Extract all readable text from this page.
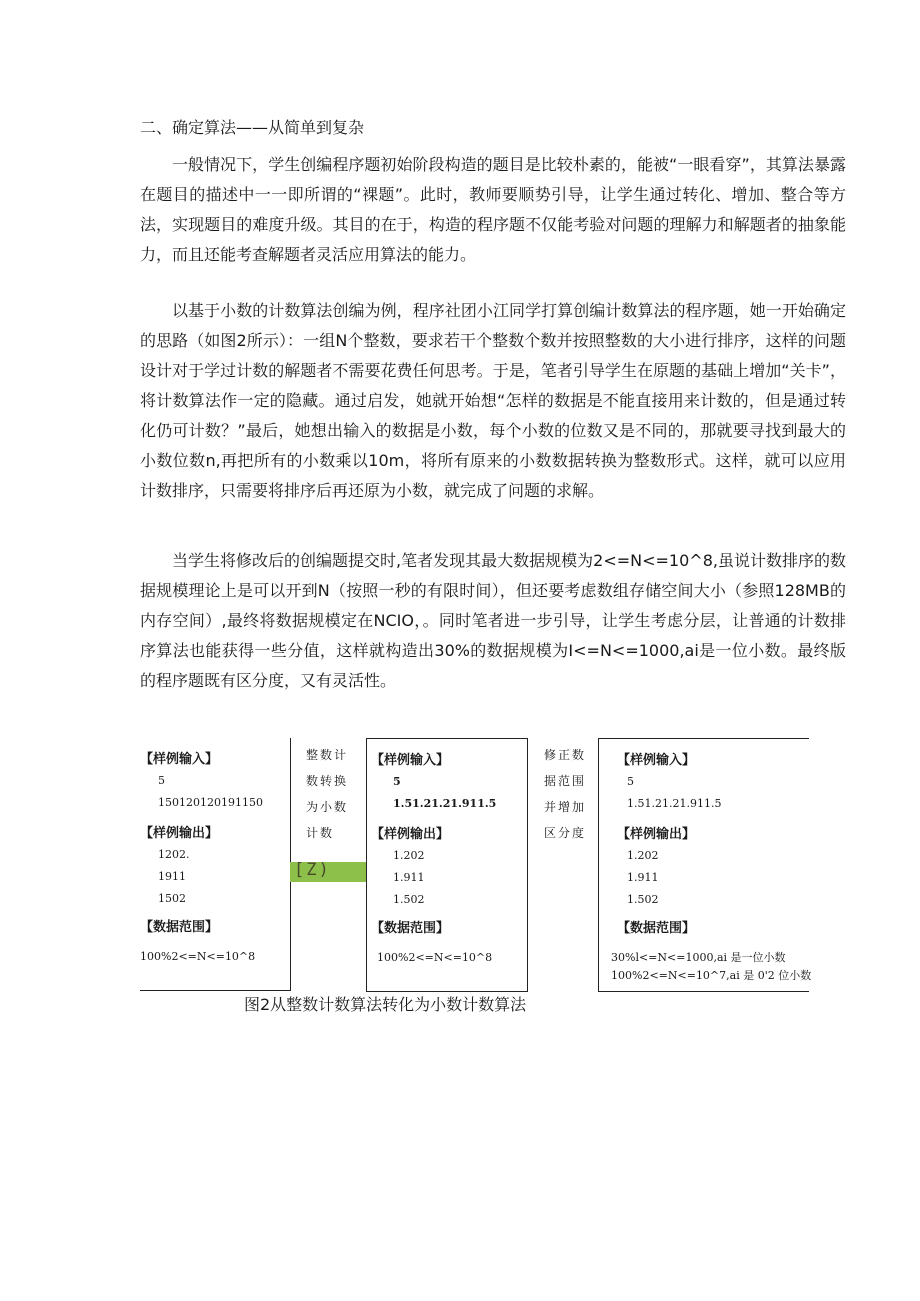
二、确定算法——从简单到复杂

一般情况下，学生创编程序题初始阶段构造的题目是比较朴素的，能被“一眼看穿”，其算法暴露在题目的描述中一一即所谓的“裸题”。此时，教师要顺势引导，让学生通过转化、增加、整合等方法，实现题目的难度升级。其目的在于，构造的程序题不仅能考验对问题的理解力和解题者的抽象能力，而且还能考查解题者灵活应用算法的能力。

以基于小数的计数算法创编为例，程序社团小江同学打算创编计数算法的程序题，她一开始确定的思路（如图2所示）：一组N个整数，要求若干个整数个数并按照整数的大小进行排序，这样的问题设计对于学过计数的解题者不需要花费任何思考。于是，笔者引导学生在原题的基础上增加“关卡”，将计数算法作一定的隐藏。通过启发，她就开始想“怎样的数据是不能直接用来计数的，但是通过转化仍可计数？”最后，她想出输入的数据是小数，每个小数的位数又是不同的，那就要寻找到最大的小数位数n,再把所有的小数乘以10m，将所有原来的小数数据转换为整数形式。这样，就可以应用计数排序，只需要将排序后再还原为小数，就完成了问题的求解。

当学生将修改后的创编题提交时,笔者发现其最大数据规模为2<=N<=10^8,虽说计数排序的数据规模理论上是可以开到N（按照一秒的有限时间），但还要考虑数组存储空间大小（参照128MB的内存空间）,最终将数据规模定在NCIO，。同时笔者进一步引导，让学生考虑分层，让普通的计数排序算法也能获得一些分值，这样就构造出30%的数据规模为I<=N<=1000,ai是一位小数。最终版的程序题既有区分度，又有灵活性。

【样例输入】
5
150120120191150
【样例输出】
1202.
1911
1502
【数据范围】
100%2<=N<=10^8
整数计
数转换
为小数
计数
[Z)
【样例输入】
5
1.51.21.21.911.5
【样例输出】
1.202
1.911
1.502
【数据范围】
100%2<=N<=10^8
修正数
据范围
并增加
区分度
【样例输入】
5
1.51.21.21.911.5
【样例输出】
1.202
1.911
1.502
【数据范围】
30%l<=N<=1000,ai 是一位小数
100%2<=N<=10^7,ai 是 0'2 位小数
图2从整数计数算法转化为小数计数算法
